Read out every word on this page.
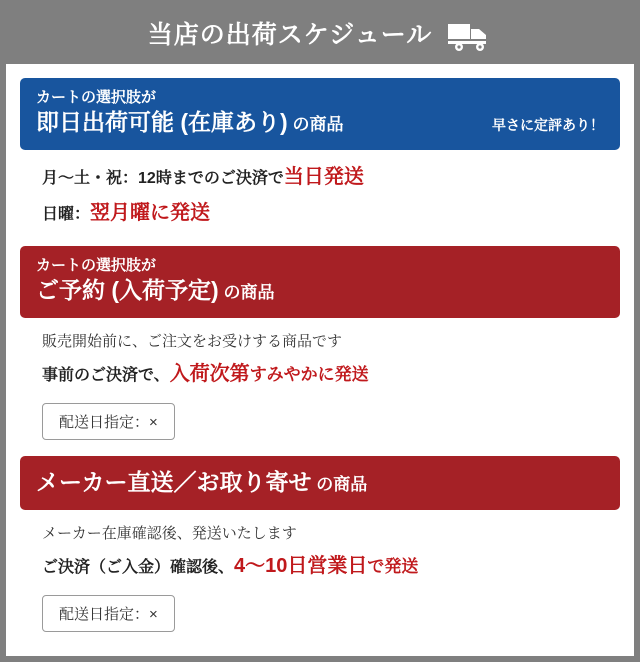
当店の出荷スケジュール
カートの選択肢が
即日出荷可能 (在庫あり) の商品	早さに定評あり！

月〜土・祝：12時までのご決済で当日発送

日曜：翌月曜に発送

カートの選択肢が
ご予約 (入荷予定) の商品

販売開始前に、ご注文をお受けする商品です

事前のご決済で、入荷次第すみやかに発送

配送日指定：×
メーカー直送／お取り寄せ の商品

メーカー在庫確認後、発送いたします

ご決済（ご入金）確認後、4〜10日営業日で発送

配送日指定：×
